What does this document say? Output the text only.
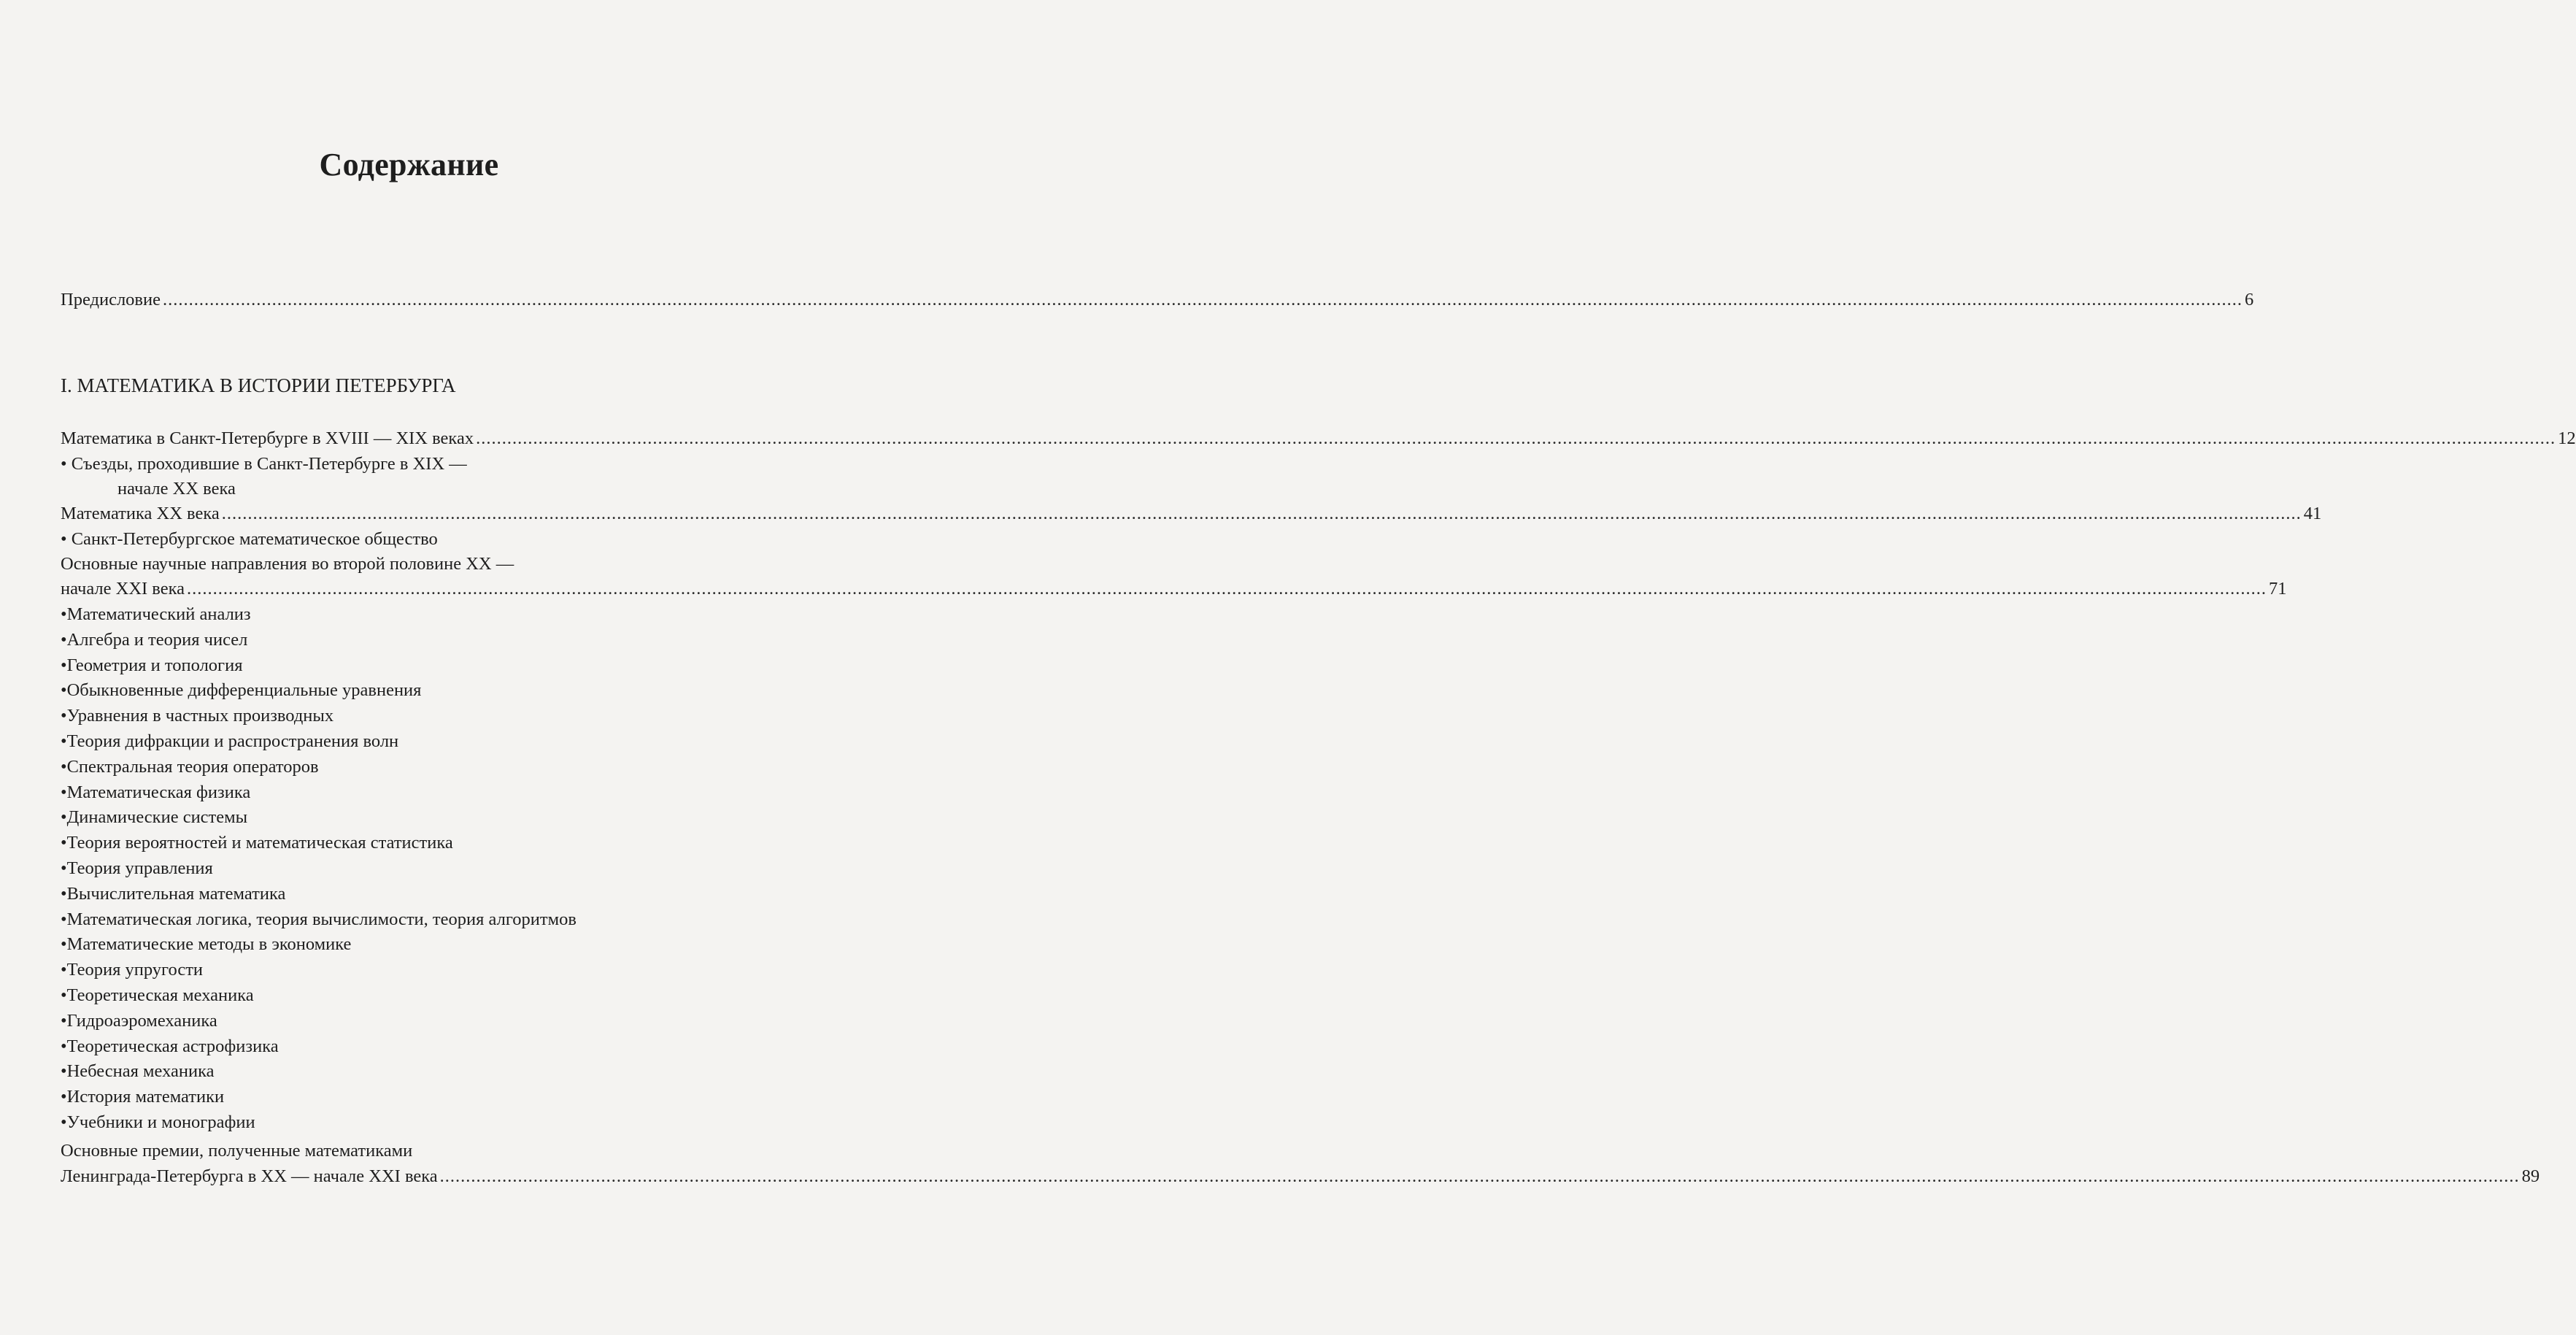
Содержание
Предисловие ................................................................................................................................................................................................................................................................................................................................................................................................................ 6
I. МАТЕМАТИКА В ИСТОРИИ ПЕТЕРБУРГА
Математика в Санкт-Петербурге в XVIII — XIX веках ................................................................................................................................................................................................................................................................................................................................................................................................................ 12
• Съезды, проходившие в Санкт-Петербурге в XIX —
начале XX века
Математика XX века ................................................................................................................................................................................................................................................................................................................................................................................................................ 41
• Санкт-Петербургское математическое общество
Основные научные направления во второй половине XX —
начале XXI века ................................................................................................................................................................................................................................................................................................................................................................................................................ 71
•Математический анализ
•Алгебра и теория чисел
•Геометрия и топология
•Обыкновенные дифференциальные уравнения
•Уравнения в частных производных
•Теория дифракции и распространения волн
•Спектральная теория операторов
•Математическая физика
•Динамические системы
•Теория вероятностей и математическая статистика
•Теория управления
•Вычислительная математика
•Математическая логика, теория вычислимости, теория алгоритмов
•Математические методы в экономике
•Теория упругости
•Теоретическая механика
•Гидроаэромеханика
•Теоретическая астрофизика
•Небесная механика
•История математики
•Учебники и монографии
Основные премии, полученные математиками
Ленинграда-Петербурга в XX — начале XXI века ................................................................................................................................................................................................................................................................................................................................................................................................................ 89
